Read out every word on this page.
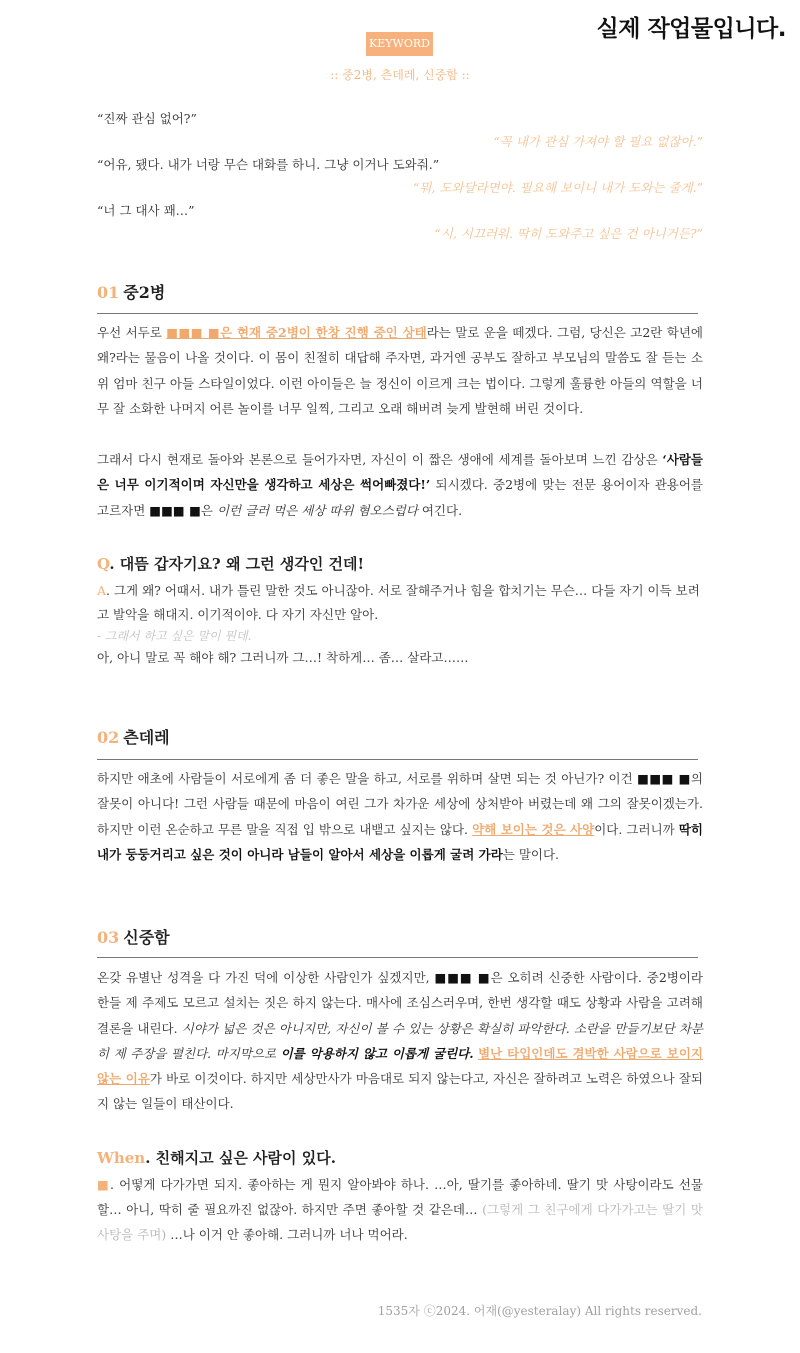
실제 작업물입니다.
KEYWORD
:: 중2병, 츤데레, 신중함 ::
“진짜 관심 없어?”
“꼭 내가 관심 가져야 할 필요 없잖아.”
“어유, 됐다. 내가 너랑 무슨 대화를 하니. 그냥 이거나 도와줘.”
“뭐, 도와달라면야. 필요해 보이니 내가 도와는 줄게.”
“너 그 대사 꽤…”
“시, 시끄러워. 딱히 도와주고 싶은 건 아니거든?”
01 중2병
우선 서두로 ■■■ ■은 현재 중2병이 한창 진행 중인 상태라는 말로 운을 떼겠다. 그럼, 당신은 고2란 학년에 왜?라는 물음이 나올 것이다. 이 몸이 친절히 대답해 주자면, 과거엔 공부도 잘하고 부모님의 말씀도 잘 듣는 소위 엄마 친구 아들 스타일이었다. 이런 아이들은 늘 정신이 이르게 크는 법이다. 그렇게 훌륭한 아들의 역할을 너무 잘 소화한 나머지 어른 놀이를 너무 일찍, 그리고 오래 해버려 늦게 발현해 버린 것이다.
그래서 다시 현재로 돌아와 본론으로 들어가자면, 자신이 이 짧은 생애에 세계를 돌아보며 느낀 감상은 ‘사람들은 너무 이기적이며 자신만을 생각하고 세상은 썩어빠졌다!’ 되시겠다. 중2병에 맞는 전문 용어이자 관용어를 고르자면 ■■■ ■은 이런 글러 먹은 세상 따위 혐오스럽다 여긴다.
Q. 대뜸 갑자기요? 왜 그런 생각인 건데!
A. 그게 왜? 어때서. 내가 틀린 말한 것도 아니잖아. 서로 잘해주거나 힘을 합치기는 무슨… 다들 자기 이득 보려고 발악을 해대지. 이기적이야. 다 자기 자신만 알아.
- 그래서 하고 싶은 말이 뭔데.
아, 아니 말로 꼭 해야 해? 그러니까 그…! 착하게… 좀… 살라고……
02 츤데레
하지만 애초에 사람들이 서로에게 좀 더 좋은 말을 하고, 서로를 위하며 살면 되는 것 아닌가? 이건 ■■■ ■의 잘못이 아니다! 그런 사람들 때문에 마음이 여린 그가 차가운 세상에 상처받아 버렸는데 왜 그의 잘못이겠는가. 하지만 이런 온순하고 무른 말을 직접 입 밖으로 내뱉고 싶지는 않다. 약해 보이는 것은 사양이다. 그러니까 딱히 내가 둥둥거리고 싶은 것이 아니라 남들이 알아서 세상을 이롭게 굴려 가라는 말이다.
03 신중함
온갖 유별난 성격을 다 가진 덕에 이상한 사람인가 싶겠지만, ■■■ ■은 오히려 신중한 사람이다. 중2병이라 한들 제 주제도 모르고 설치는 짓은 하지 않는다. 매사에 조심스러우며, 한번 생각할 때도 상황과 사람을 고려해 결론을 내린다. 시야가 넓은 것은 아니지만, 자신이 볼 수 있는 상황은 확실히 파악한다. 소란을 만들기보단 차분히 제 주장을 펼친다. 마지막으로 이를 악용하지 않고 이롭게 굴린다. 별난 타입인데도 경박한 사람으로 보이지 않는 이유가 바로 이것이다. 하지만 세상만사가 마음대로 되지 않는다고, 자신은 잘하려고 노력은 하였으나 잘되지 않는 일들이 태산이다.
When. 친해지고 싶은 사람이 있다.
■. 어떻게 다가가면 되지. 좋아하는 게 뭔지 알아봐야 하나. …아, 딸기를 좋아하네. 딸기 맛 사탕이라도 선물할… 아니, 딱히 줄 필요까진 없잖아. 하지만 주면 좋아할 것 같은데… (그렇게 그 친구에게 다가가고는 딸기 맛 사탕을 주며) …나 이거 안 좋아해. 그러니까 너나 먹어라.
1535자 ⓒ2024. 어재(@yesteralay) All rights reserved.
